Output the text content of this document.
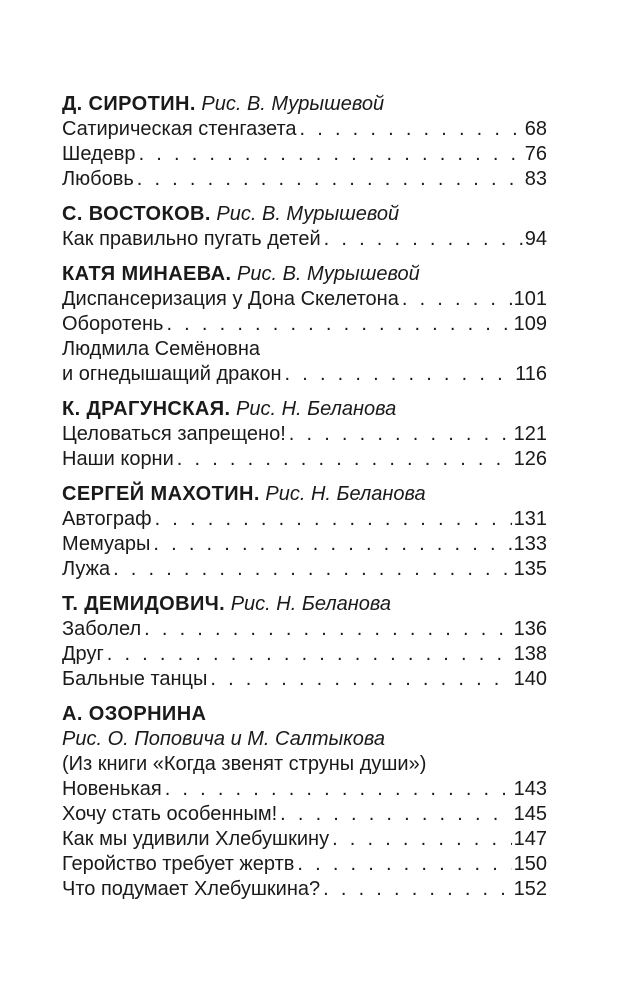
Д. СИРОТИН. Рис. В. Мурышевой
Сатирическая стенгазета . . .	68
Шедевр . . .	76
Любовь . . .	83
С. ВОСТОКОВ. Рис. В. Мурышевой
Как правильно пугать детей . . .	94
КАТЯ МИНАЕВА. Рис. В. Мурышевой
Диспансеризация у Дона Скелетона . . .	101
Оборотень . . .	109
Людмила Семёновна
и огнедышащий дракон . . .	116
К. ДРАГУНСКАЯ. Рис. Н. Беланова
Целоваться запрещено! . . .	121
Наши корни . . .	126
СЕРГЕЙ МАХОТИН. Рис. Н. Беланова
Автограф . . .	131
Мемуары . . .	133
Лужа . . .	135
Т. ДЕМИДОВИЧ. Рис. Н. Беланова
Заболел . . .	136
Друг . . .	138
Бальные танцы . . .	140
А. ОЗОРНИНА
Рис. О. Поповича и М. Салтыкова
(Из книги «Когда звенят струны души»)
Новенькая . . .	143
Хочу стать особенным! . . .	145
Как мы удивили Хлебушкину . . .	147
Геройство требует жертв . . .	150
Что подумает Хлебушкина? . . .	152
